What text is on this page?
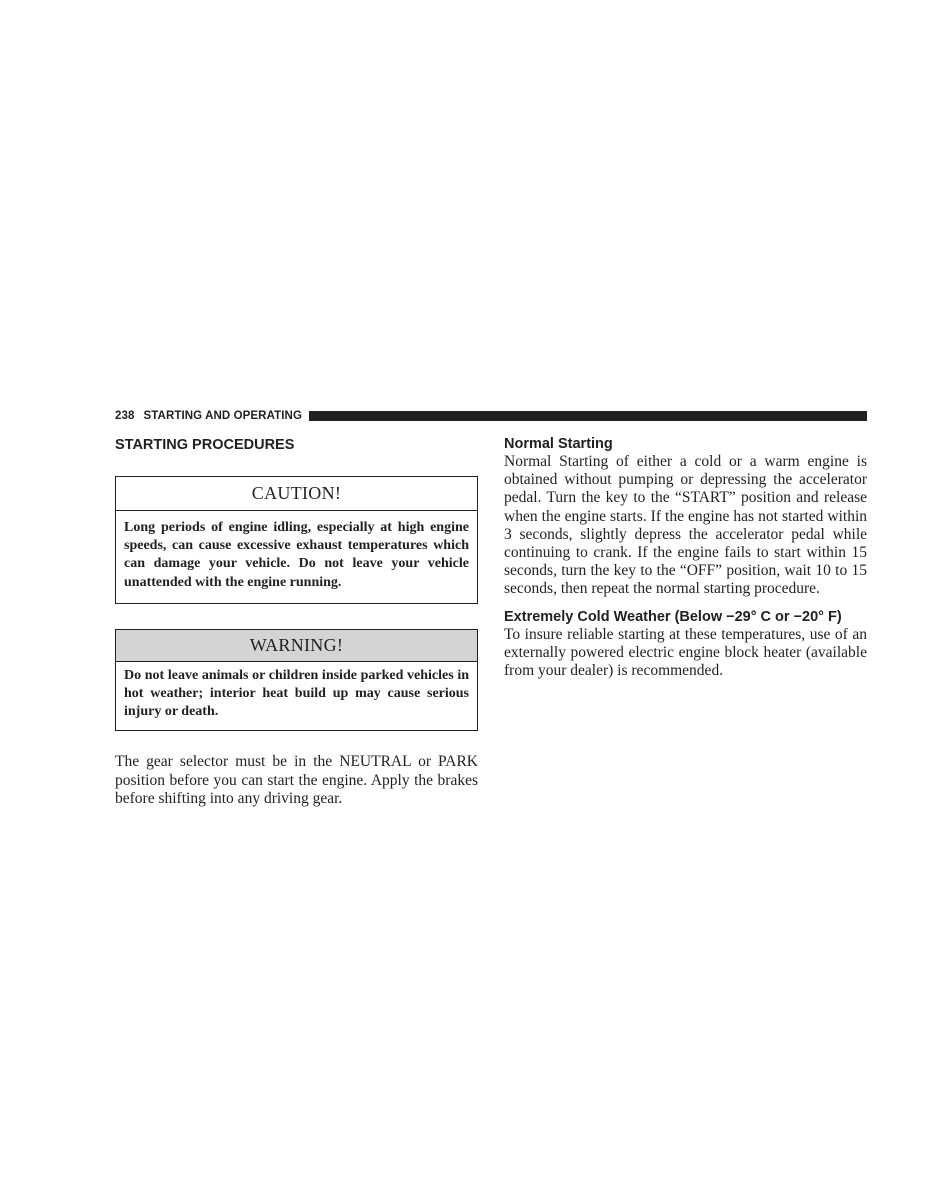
238 STARTING AND OPERATING
STARTING PROCEDURES
CAUTION!
Long periods of engine idling, especially at high engine speeds, can cause excessive exhaust temperatures which can damage your vehicle. Do not leave your vehicle unattended with the engine running.
WARNING!
Do not leave animals or children inside parked vehicles in hot weather; interior heat build up may cause serious injury or death.

The gear selector must be in the NEUTRAL or PARK position before you can start the engine. Apply the brakes before shifting into any driving gear.

Normal Starting

Normal Starting of either a cold or a warm engine is obtained without pumping or depressing the accelerator pedal. Turn the key to the “START” position and release when the engine starts. If the engine has not started within 3 seconds, slightly depress the accelerator pedal while continuing to crank. If the engine fails to start within 15 seconds, turn the key to the “OFF” position, wait 10 to 15 seconds, then repeat the normal starting procedure.

Extremely Cold Weather (Below −29° C or −20° F)

To insure reliable starting at these temperatures, use of an externally powered electric engine block heater (available from your dealer) is recommended.
